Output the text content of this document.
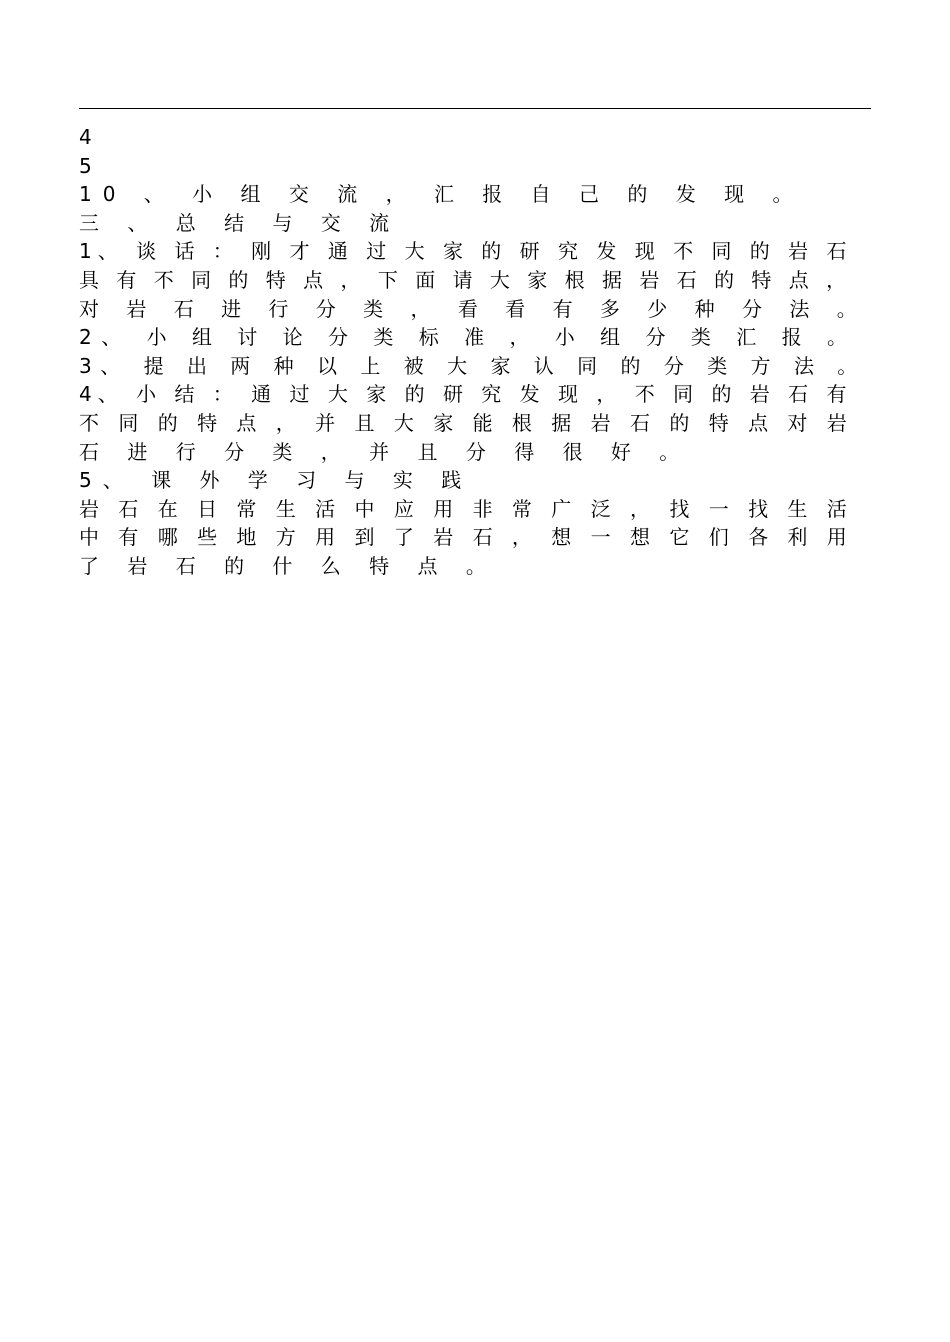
4
5
10 、 小 组 交 流 ， 汇 报 自 己 的 发 现 。
三 、 总 结 与 交 流
1、 谈 话 ： 刚 才 通 过 大 家 的 研 究 发 现 不 同 的 岩 石
具 有 不 同 的 特 点 ， 下 面 请 大 家 根 据 岩 石 的 特 点 ，
对 岩 石 进 行 分 类 ， 看 看 有 多 少 种 分 法 。
2、 小 组 讨 论 分 类 标 准 ， 小 组 分 类 汇 报 。
3、 提 出 两 种 以 上 被 大 家 认 同 的 分 类 方 法 。
4、 小 结 ： 通 过 大 家 的 研 究 发 现 ， 不 同 的 岩 石 有
不 同 的 特 点 ， 并 且 大 家 能 根 据 岩 石 的 特 点 对 岩
石 进 行 分 类 ， 并 且 分 得 很 好 。
5、 课 外 学 习 与 实 践
岩 石 在 日 常 生 活 中 应 用 非 常 广 泛 ， 找 一 找 生 活
中 有 哪 些 地 方 用 到 了 岩 石 ， 想 一 想 它 们 各 利 用
了 岩 石 的 什 么 特 点 。
